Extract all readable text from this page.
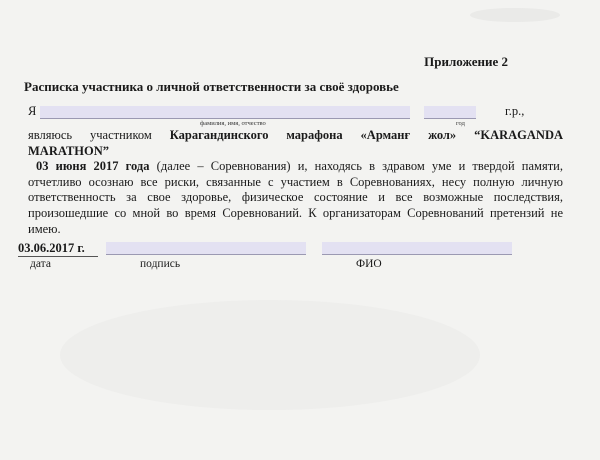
Приложение 2
Расписка участника о личной ответственности за своё здоровье
Я
фамилия, имя, отчество	год
г.р.,
являюсь участником Карагандинского марафона «Арманғ жол» “KARAGANDA
MARATHON”
03 июня 2017 года (далее – Соревнования) и, находясь в здравом уме и твердой памяти,
отчетливо осознаю все риски, связанные с участием в Соревнованиях, несу полную личную
ответственность за свое здоровье, физическое состояние и все возможные последствия,
произошедшие со мной во время Соревнований. К организаторам Соревнований претензий не
имею.
03.06.2017 г.
дата	подпись	ФИО
